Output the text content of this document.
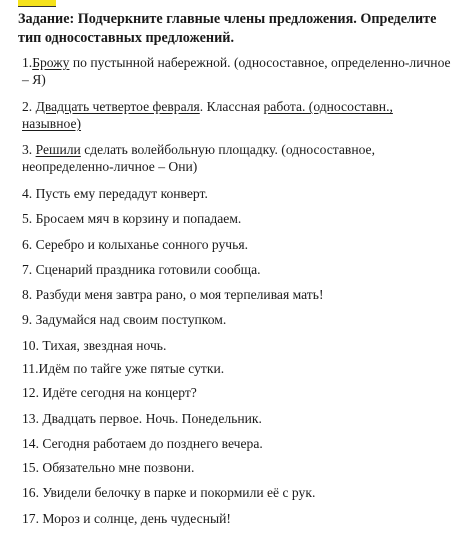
Задание: Подчеркните главные члены предложения. Определите тип односоставных предложений.
1.Брожу по пустынной набережной. (односоставное, определенно-личное – Я)
2. Двадцать четвертое февраля. Классная работа. (односоставн., назывное)
3. Решили сделать волейбольную площадку. (односоставное, неопределенно-личное – Они)
4. Пусть ему передадут конверт.
5. Бросаем мяч в корзину и попадаем.
6. Серебро и колыханье сонного ручья.
7. Сценарий праздника готовили сообща.
8. Разбуди меня завтра рано, о моя терпеливая мать!
9. Задумайся над своим поступком.
10. Тихая, звездная ночь.
11.Идём по тайге уже пятые сутки.
12. Идёте сегодня на концерт?
13. Двадцать первое. Ночь. Понедельник.
14. Сегодня работаем до позднего вечера.
15. Обязательно мне позвони.
16. Увидели белочку в парке и покормили её с рук.
17. Мороз и солнце, день чудесный!
